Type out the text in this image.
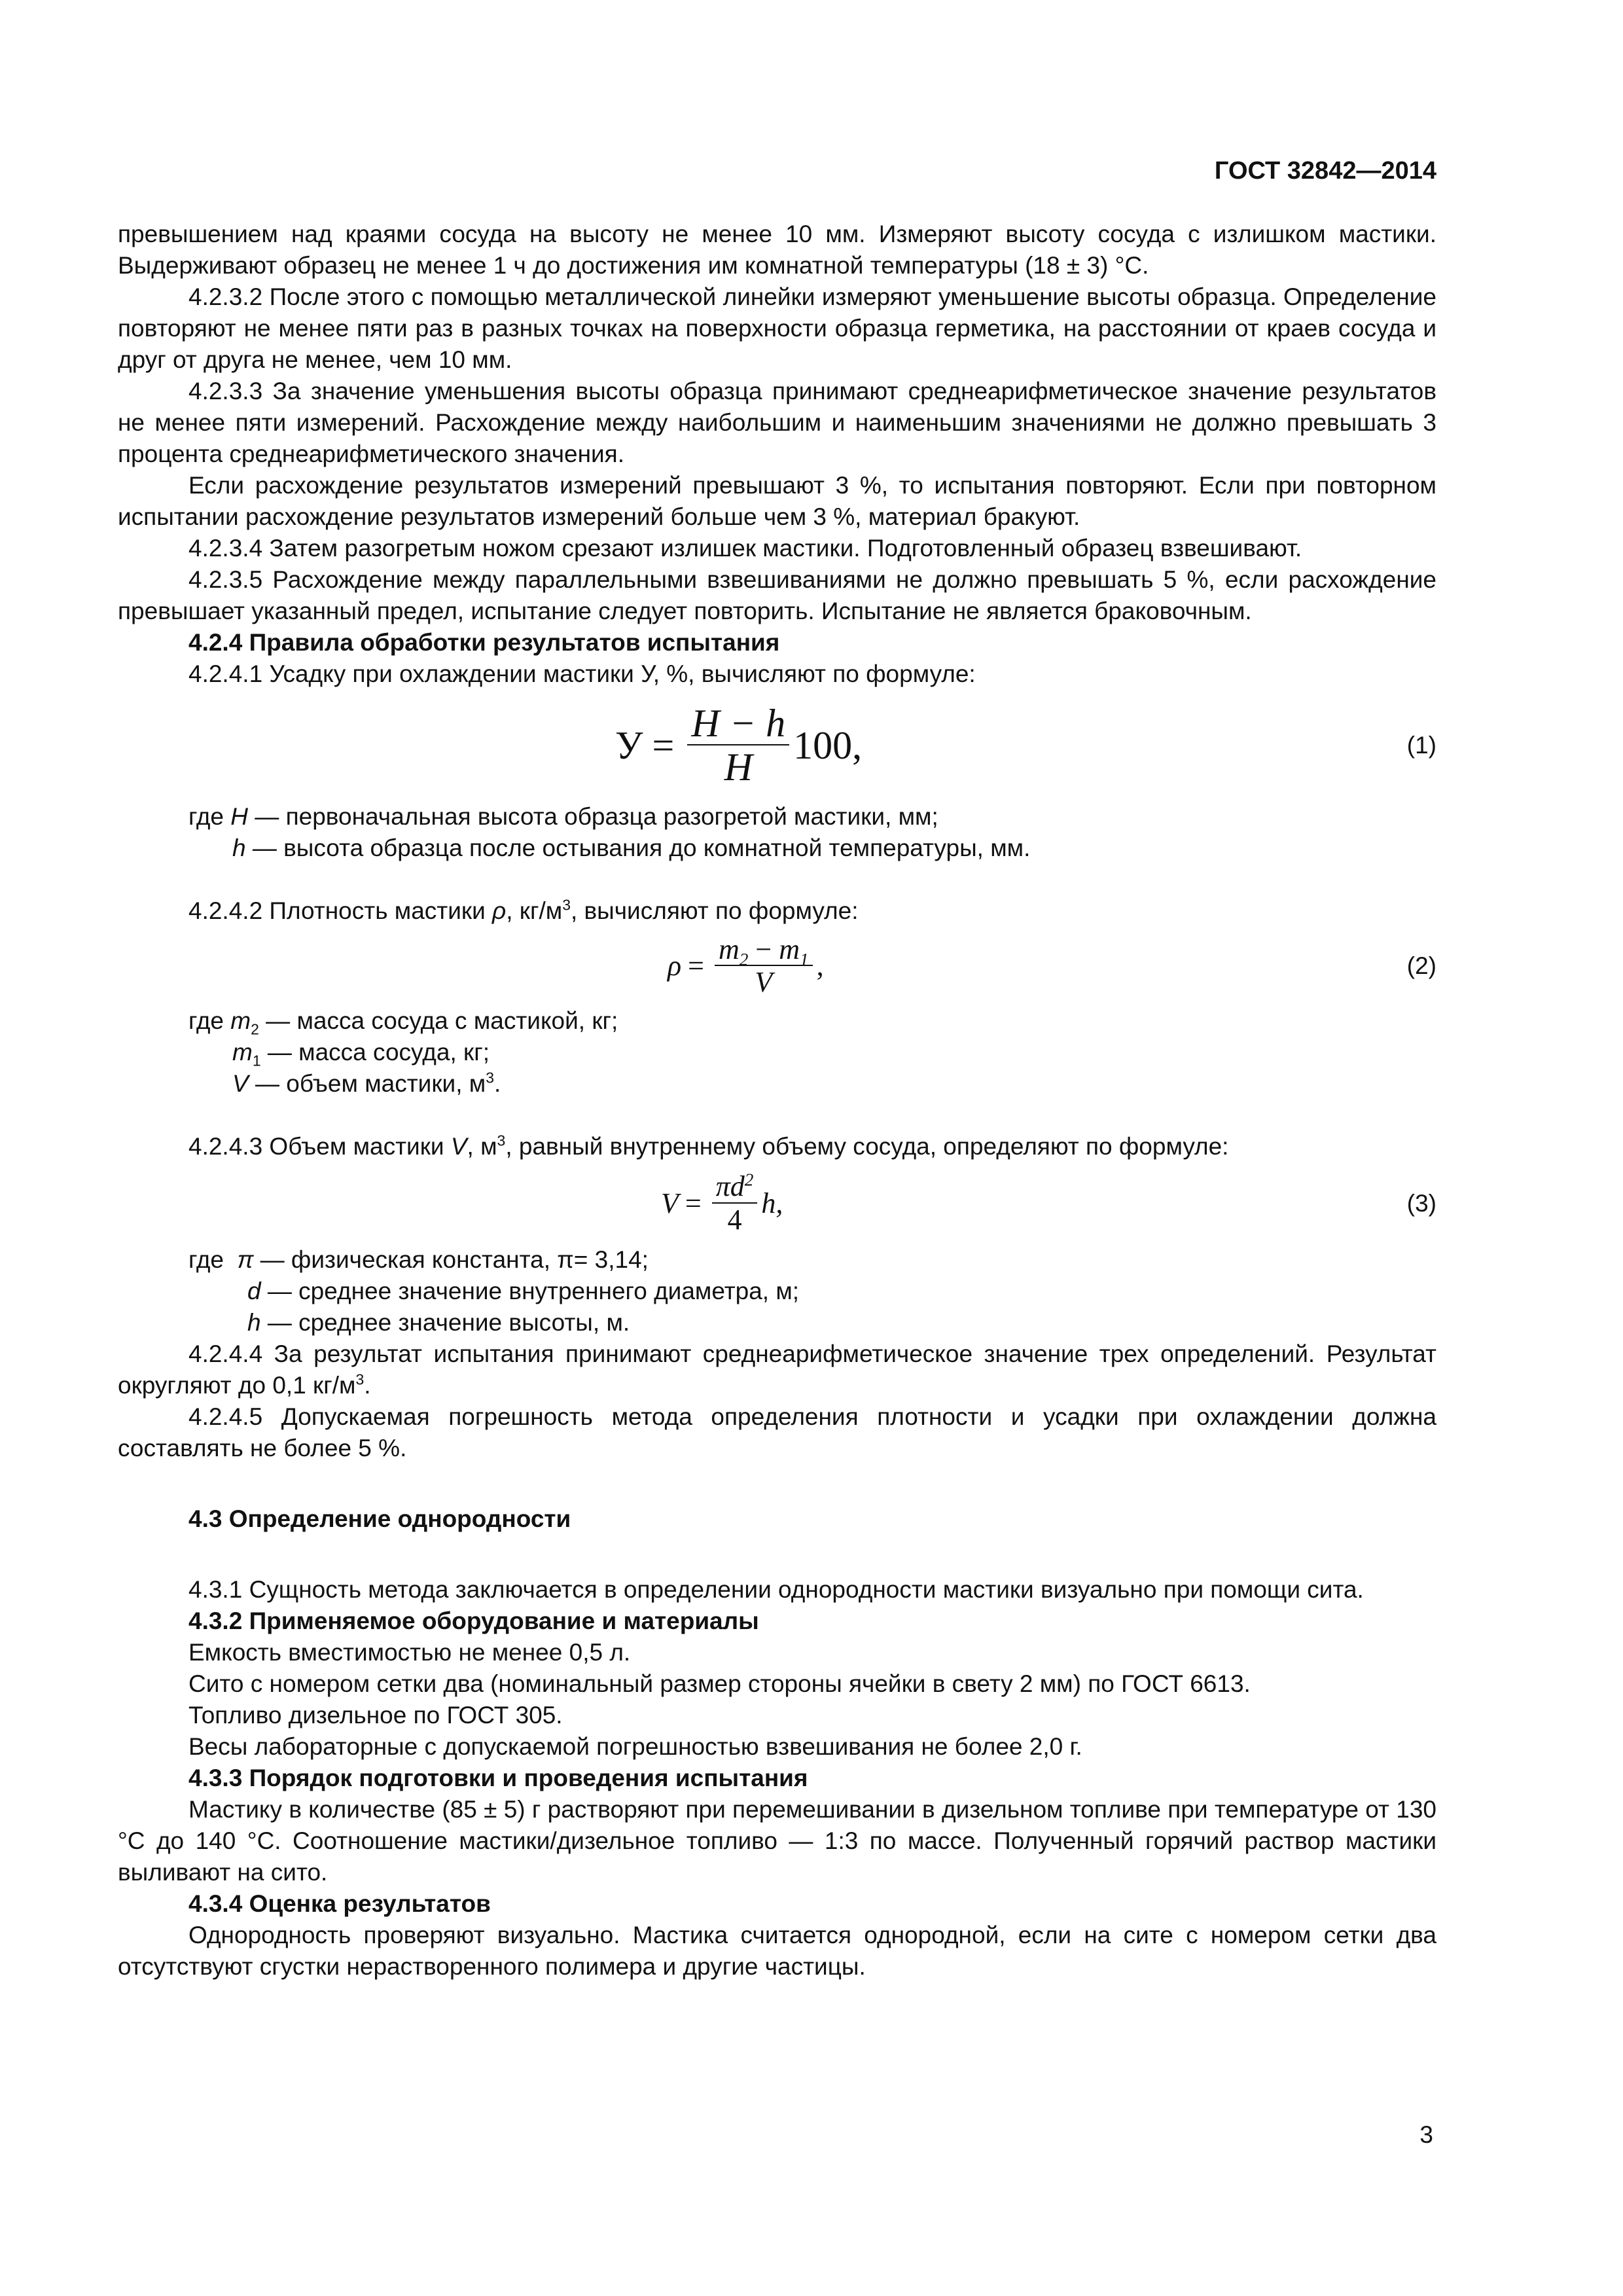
ГОСТ 32842—2014

превышением над краями сосуда на высоту не менее 10 мм. Измеряют высоту сосуда с излишком мастики. Выдерживают образец не менее 1 ч до достижения им комнатной температуры (18 ± 3) °С.

4.2.3.2 После этого с помощью металлической линейки измеряют уменьшение высоты образца. Определение повторяют не менее пяти раз в разных точках на поверхности образца герметика, на расстоянии от краев сосуда и друг от друга не менее, чем 10 мм.

4.2.3.3 За значение уменьшения высоты образца принимают среднеарифметическое значение результатов не менее пяти измерений. Расхождение между наибольшим и наименьшим значениями не должно превышать 3 процента среднеарифметического значения.

Если расхождение результатов измерений превышают 3 %, то испытания повторяют. Если при повторном испытании расхождение результатов измерений больше чем 3 %, материал бракуют.

4.2.3.4 Затем разогретым ножом срезают излишек мастики. Подготовленный образец взвешивают.

4.2.3.5 Расхождение между параллельными взвешиваниями не должно превышать 5 %, если расхождение превышает указанный предел, испытание следует повторить. Испытание не является браковочным.

4.2.4 Правила обработки результатов испытания

4.2.4.1 Усадку при охлаждении мастики У, %, вычисляют по формуле:

$У = \frac{H - h}{H} 100$,	(1)

где H — первоначальная высота образца разогретой мастики, мм;

h — высота образца после остывания до комнатной температуры, мм.

4.2.4.2 Плотность мастики ρ, $кг/м^3$, вычисляют по формуле:

$\rho = \frac{m_2 - m_1}{V}$ ,	(2)

где $m_2$ — масса сосуда с мастикой, кг;

$m_1$ — масса сосуда, кг;

V — объем мастики, $м^3$.

4.2.4.3 Объем мастики V, $м^3$, равный внутреннему объему сосуда, определяют по формуле:

$V = \frac{\pi d^2}{4} h$,	(3)

где π — физическая константа, π= 3,14;

d — среднее значение внутреннего диаметра, м;

h — среднее значение высоты, м.

4.2.4.4 За результат испытания принимают среднеарифметическое значение трех определений. Результат округляют до 0,1 $кг/м^3$.

4.2.4.5 Допускаемая погрешность метода определения плотности и усадки при охлаждении должна составлять не более 5 %.

4.3 Определение однородности

4.3.1 Сущность метода заключается в определении однородности мастики визуально при помощи сита.

4.3.2 Применяемое оборудование и материалы

Емкость вместимостью не менее 0,5 л.

Сито с номером сетки два (номинальный размер стороны ячейки в свету 2 мм) по ГОСТ 6613.

Топливо дизельное по ГОСТ 305.

Весы лабораторные с допускаемой погрешностью взвешивания не более 2,0 г.

4.3.3 Порядок подготовки и проведения испытания

Мастику в количестве (85 ± 5) г растворяют при перемешивании в дизельном топливе при температуре от 130 °С до 140 °С. Соотношение мастики/дизельное топливо — 1:3 по массе. Полученный горячий раствор мастики выливают на сито.

4.3.4 Оценка результатов

Однородность проверяют визуально. Мастика считается однородной, если на сите с номером сетки два отсутствуют сгустки нерастворенного полимера и другие частицы.

3
